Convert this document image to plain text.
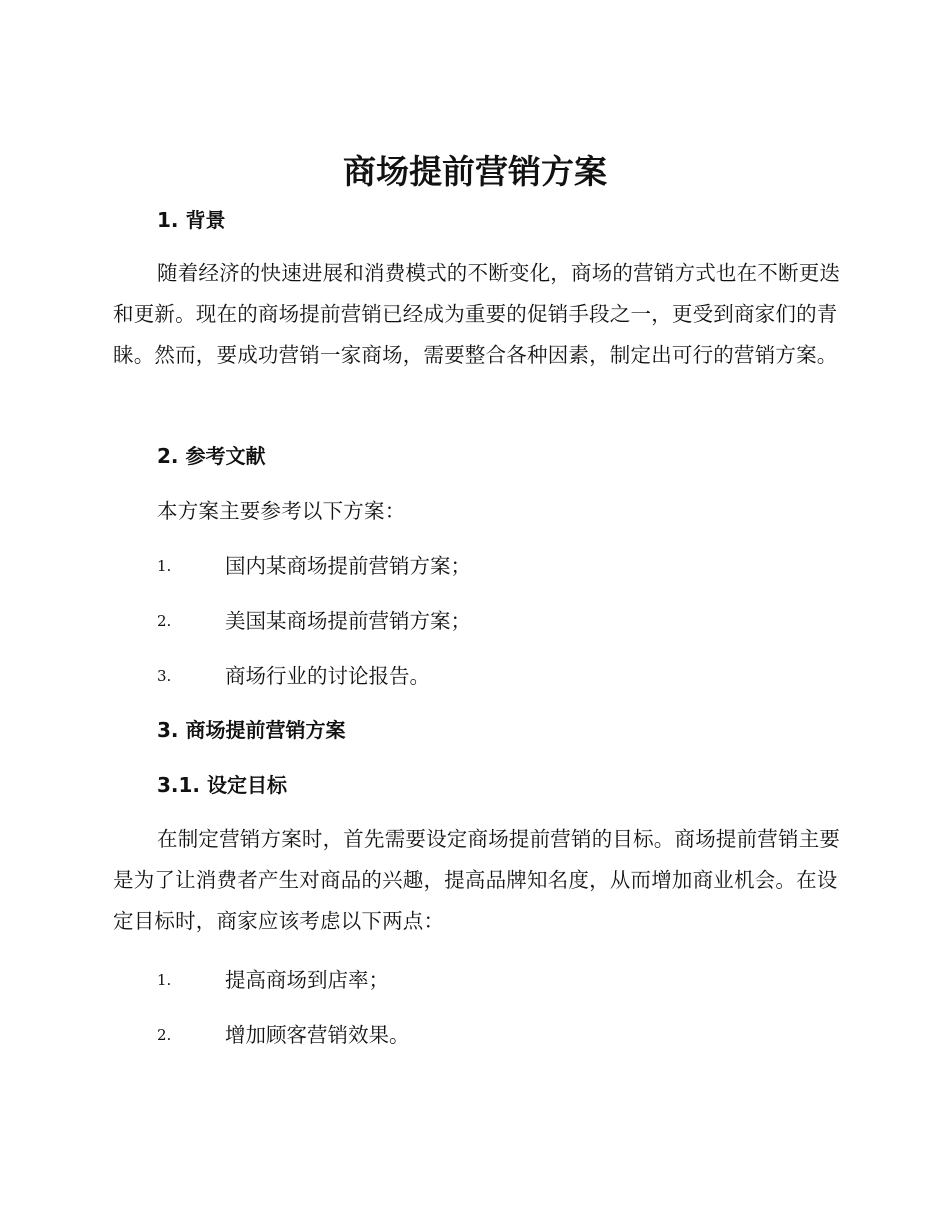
商场提前营销方案
1. 背景

随着经济的快速进展和消费模式的不断变化，商场的营销方式也在不断更迭和更新。现在的商场提前营销已经成为重要的促销手段之一，更受到商家们的青睐。然而，要成功营销一家商场，需要整合各种因素，制定出可行的营销方案。

2. 参考文献

本方案主要参考以下方案：

1.	国内某商场提前营销方案；
2.	美国某商场提前营销方案；
3.	商场行业的讨论报告。
3. 商场提前营销方案
3.1. 设定目标

在制定营销方案时，首先需要设定商场提前营销的目标。商场提前营销主要是为了让消费者产生对商品的兴趣，提高品牌知名度，从而增加商业机会。在设定目标时，商家应该考虑以下两点：

1.	提高商场到店率；
2.	增加顾客营销效果。
